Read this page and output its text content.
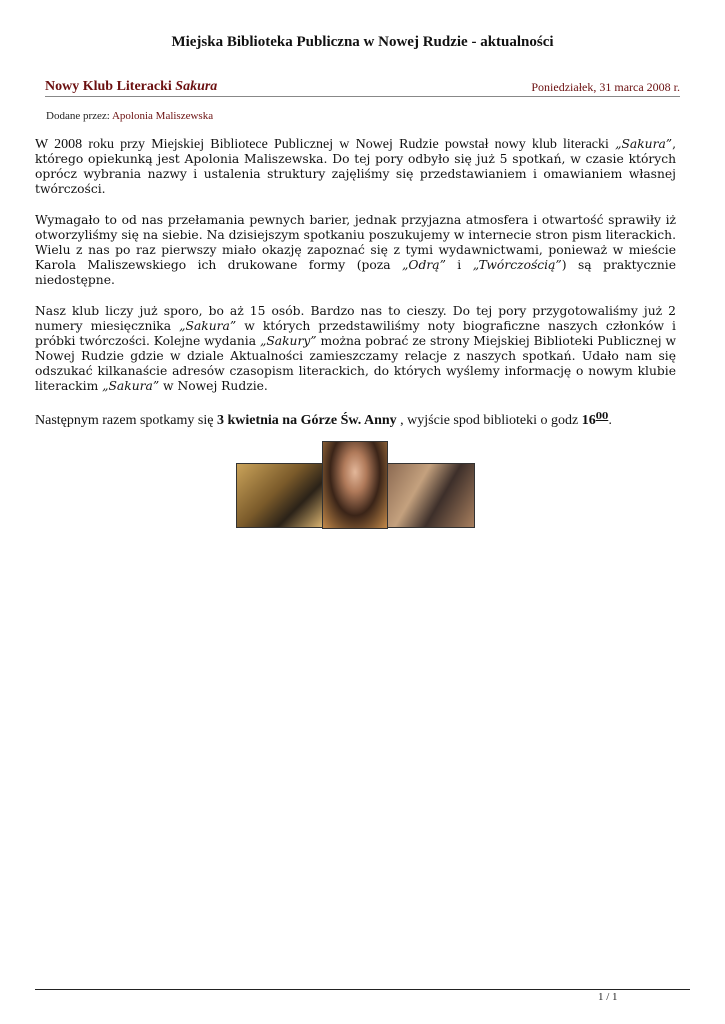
Miejska Biblioteka Publiczna w Nowej Rudzie - aktualności
Nowy Klub Literacki Sakura	Poniedziałek, 31 marca 2008 r.
Dodane przez: Apolonia Maliszewska

W 2008 roku przy Miejskiej Bibliotece Publicznej w Nowej Rudzie powstał nowy klub literacki „Sakura”, którego opiekunką jest Apolonia Maliszewska. Do tej pory odbyło się już 5 spotkań, w czasie których oprócz wybrania nazwy i ustalenia struktury zajęliśmy się przedstawianiem i omawianiem własnej twórczości.

Wymagało to od nas przełamania pewnych barier, jednak przyjazna atmosfera i otwartość sprawiły iż otworzyliśmy się na siebie. Na dzisiejszym spotkaniu poszukujemy w internecie stron pism literackich. Wielu z nas po raz pierwszy miało okazję zapoznać się z tymi wydawnictwami, ponieważ w mieście Karola Maliszewskiego ich drukowane formy (poza „Odrą” i „Twórczością”) są praktycznie niedostępne.

Nasz klub liczy już sporo, bo aż 15 osób. Bardzo nas to cieszy. Do tej pory przygotowaliśmy już 2 numery miesięcznika „Sakura” w których przedstawiliśmy noty biograficzne naszych członków i próbki twórczości. Kolejne wydania „Sakury” można pobrać ze strony Miejskiej Biblioteki Publicznej w Nowej Rudzie gdzie w dziale Aktualności zamieszczamy relacje z naszych spotkań. Udało nam się odszukać kilkanaście adresów czasopism literackich, do których wyślemy informację o nowym klubie literackim „Sakura” w Nowej Rudzie.

Następnym razem spotkamy się 3 kwietnia na Górze Św. Anny , wyjście spod biblioteki o godz $16^{00}$.

1 / 1
